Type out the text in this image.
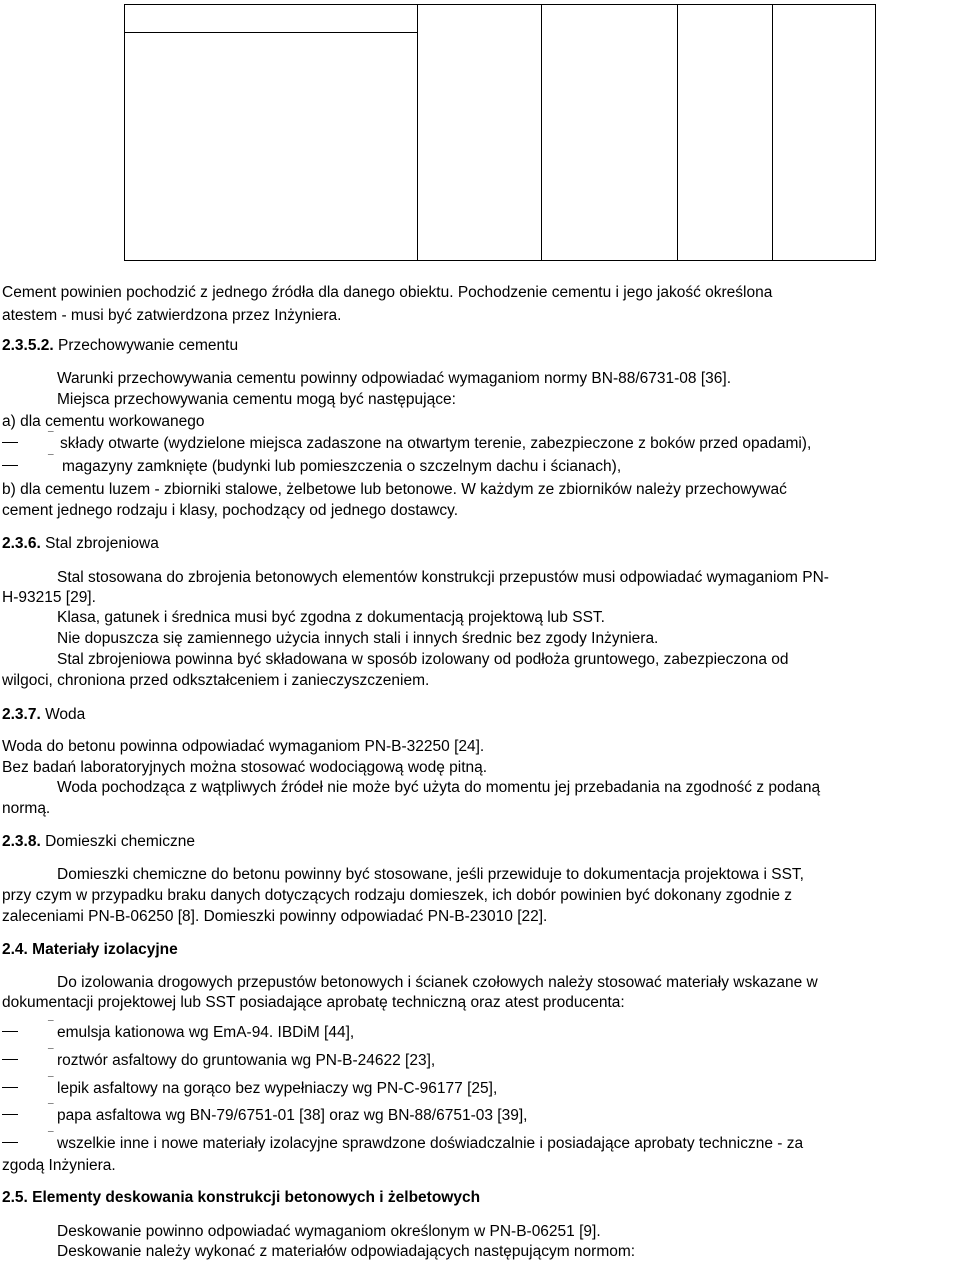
Cement powinien pochodzić z jednego źródła dla danego obiektu. Pochodzenie cementu i jego jakość określona
atestem - musi być zatwierdzona przez Inżyniera.
2.3.5.2. Przechowywanie cementu
Warunki przechowywania cementu powinny odpowiadać wymaganiom normy BN-88/6731-08 [36].
Miejsca przechowywania cementu mogą być następujące:
a) dla cementu workowanego
¯ składy otwarte (wydzielone miejsca zadaszone na otwartym terenie, zabezpieczone z boków przed opadami),
¯ magazyny zamknięte (budynki lub pomieszczenia o szczelnym dachu i ścianach),
b) dla cementu luzem - zbiorniki stalowe, żelbetowe lub betonowe. W każdym ze zbiorników należy przechowywać
cement jednego rodzaju i klasy, pochodzący od jednego dostawcy.
2.3.6. Stal zbrojeniowa
Stal stosowana do zbrojenia betonowych elementów konstrukcji przepustów musi odpowiadać wymaganiom PN-
H-93215 [29].
Klasa, gatunek i średnica musi być zgodna z dokumentacją projektową lub SST.
Nie dopuszcza się zamiennego użycia innych stali i innych średnic bez zgody Inżyniera.
Stal zbrojeniowa powinna być składowana w sposób izolowany od podłoża gruntowego, zabezpieczona od
wilgoci, chroniona przed odkształceniem i zanieczyszczeniem.
2.3.7. Woda
Woda do betonu powinna odpowiadać wymaganiom PN-B-32250 [24].
Bez badań laboratoryjnych można stosować wodociągową wodę pitną.
Woda pochodząca z wątpliwych źródeł nie może być użyta do momentu jej przebadania na zgodność z podaną
normą.
2.3.8. Domieszki chemiczne
Domieszki chemiczne do betonu powinny być stosowane, jeśli przewiduje to dokumentacja projektowa i SST,
przy czym w przypadku braku danych dotyczących rodzaju domieszek, ich dobór powinien być dokonany zgodnie z
zaleceniami PN-B-06250 [8]. Domieszki powinny odpowiadać PN-B-23010 [22].
2.4. Materiały izolacyjne
Do izolowania drogowych przepustów betonowych i ścianek czołowych należy stosować materiały wskazane w
dokumentacji projektowej lub SST posiadające aprobatę techniczną oraz atest producenta:
¯ emulsja kationowa wg EmA-94. IBDiM [44],
¯ roztwór asfaltowy do gruntowania wg PN-B-24622 [23],
¯ lepik asfaltowy na gorąco bez wypełniaczy wg PN-C-96177 [25],
¯ papa asfaltowa wg BN-79/6751-01 [38] oraz wg BN-88/6751-03 [39],
¯ wszelkie inne i nowe materiały izolacyjne sprawdzone doświadczalnie i posiadające aprobaty techniczne - za
zgodą Inżyniera.
2.5. Elementy deskowania konstrukcji betonowych i żelbetowych
Deskowanie powinno odpowiadać wymaganiom określonym w PN-B-06251 [9].
Deskowanie należy wykonać z materiałów odpowiadających następującym normom:
